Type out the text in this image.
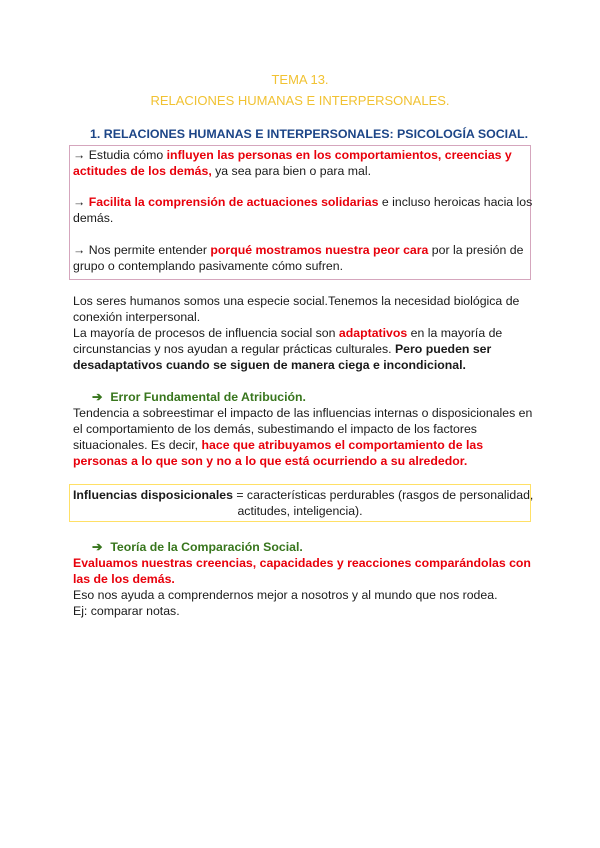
TEMA 13.
RELACIONES HUMANAS E INTERPERSONALES.
1. RELACIONES HUMANAS E INTERPERSONALES: PSICOLOGÍA SOCIAL.
→ Estudia cómo influyen las personas en los comportamientos, creencias y
actitudes de los demás, ya sea para bien o para mal.
→ Facilita la comprensión de actuaciones solidarias e incluso heroicas hacia los
demás.
→ Nos permite entender porqué mostramos nuestra peor cara por la presión de
grupo o contemplando pasivamente cómo sufren.
Los seres humanos somos una especie social.Tenemos la necesidad biológica de
conexión interpersonal.
La mayoría de procesos de influencia social son adaptativos en la mayoría de
circunstancias y nos ayudan a regular prácticas culturales. Pero pueden ser
desadaptativos cuando se siguen de manera ciega e incondicional.
➔ Error Fundamental de Atribución.
Tendencia a sobreestimar el impacto de las influencias internas o disposicionales en
el comportamiento de los demás, subestimando el impacto de los factores
situacionales. Es decir, hace que atribuyamos el comportamiento de las
personas a lo que son y no a lo que está ocurriendo a su alrededor.
Influencias disposicionales = características perdurables (rasgos de personalidad,
actitudes, inteligencia).
➔ Teoría de la Comparación Social.
Evaluamos nuestras creencias, capacidades y reacciones comparándolas con
las de los demás.
Eso nos ayuda a comprendernos mejor a nosotros y al mundo que nos rodea.
Ej: comparar notas.
